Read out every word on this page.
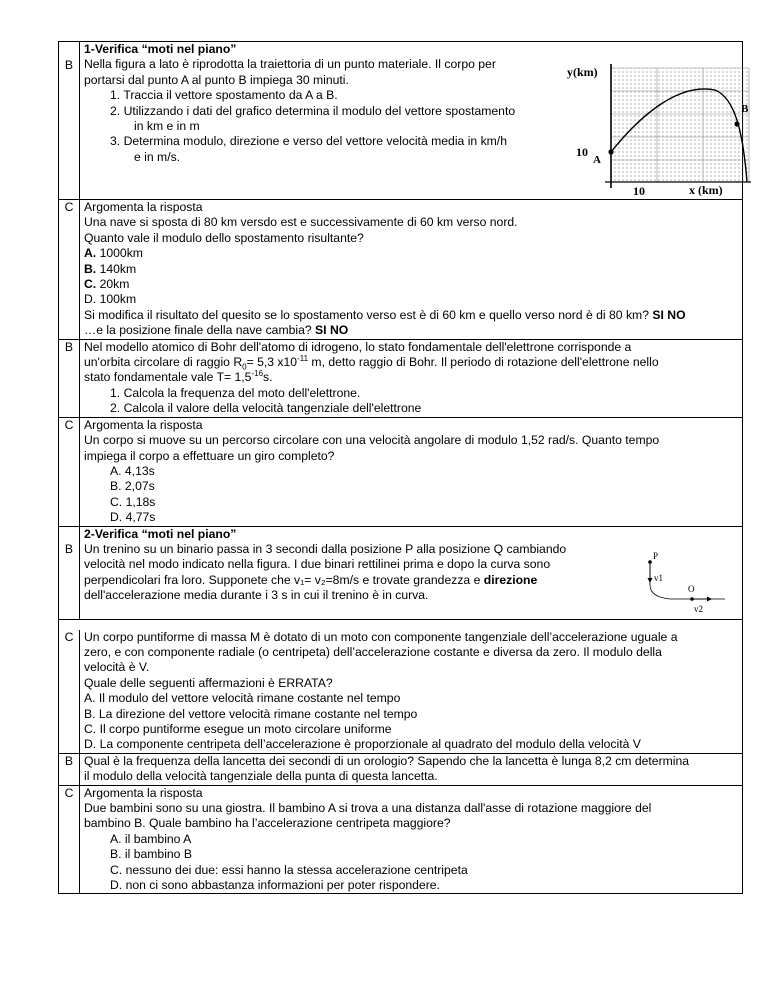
B
1-Verifica “moti nel piano”
Nella figura a lato è riprodotta la traiettoria di un punto materiale. Il corpo per
portarsi dal punto A al punto B impiega 30 minuti.
1. Traccia il vettore spostamento da A a B.
2. Utilizzando i dati del grafico determina il modulo del vettore spostamento
in km e in m
3. Determina modulo, direzione e verso del vettore velocità media in km/h
e in m/s.
y(km)
x (km)
10
10
A
B
C Argomenta la risposta
Una nave si sposta di 80 km versdo est e successivamente di 60 km verso nord.
Quanto vale il modulo dello spostamento risultante?
A. 1000km
B. 140km
C. 20km
D. 100km
Si modifica il risultato del quesito se lo spostamento verso est è di 60 km e quello verso nord è di 80 km? SI NO
…e la posizione finale della nave cambia? SI NO
B Nel modello atomico di Bohr dell'atomo di idrogeno, lo stato fondamentale dell'elettrone corrisponde a
un'orbita circolare di raggio $R_0= 5,3$ $x10^{-11}$ m, detto raggio di Bohr. Il periodo di rotazione dell'elettrone nello
stato fondamentale vale $T= 1,5^{-16}s$.
1. Calcola la frequenza del moto dell'elettrone.
2. Calcola il valore della velocità tangenziale dell'elettrone
C Argomenta la risposta
Un corpo si muove su un percorso circolare con una velocità angolare di modulo 1,52 rad/s. Quanto tempo
impiega il corpo a effettuare un giro completo?
A. 4,13s
B. 2,07s
C. 1,18s
D. 4,77s
B
2-Verifica “moti nel piano”
Un trenino su un binario passa in 3 secondi dalla posizione P alla posizione Q cambiando
velocità nel modo indicato nella figura. I due binari rettilinei prima e dopo la curva sono
perpendicolari fra loro. Supponete che v₁= v₂=8m/s e trovate grandezza e direzione
dell'accelerazione media durante i 3 s in cui il trenino è in curva.
P
v1
O
v2
C Un corpo puntiforme di massa M è dotato di un moto con componente tangenziale dell’accelerazione uguale a
zero, e con componente radiale (o centripeta) dell’accelerazione costante e diversa da zero. Il modulo della
velocità è V.
Quale delle seguenti affermazioni è ERRATA?
A. Il modulo del vettore velocità rimane costante nel tempo
B. La direzione del vettore velocità rimane costante nel tempo
C. Il corpo puntiforme esegue un moto circolare uniforme
D. La componente centripeta dell’accelerazione è proporzionale al quadrato del modulo della velocità V
B Qual è la frequenza della lancetta dei secondi di un orologio? Sapendo che la lancetta è lunga 8,2 cm determina
il modulo della velocità tangenziale della punta di questa lancetta.
C Argomenta la risposta
Due bambini sono su una giostra. Il bambino A si trova a una distanza dall'asse di rotazione maggiore del
bambino B. Quale bambino ha l’accelerazione centripeta maggiore?
A. il bambino A
B. il bambino B
C. nessuno dei due: essi hanno la stessa accelerazione centripeta
D. non ci sono abbastanza informazioni per poter rispondere.
